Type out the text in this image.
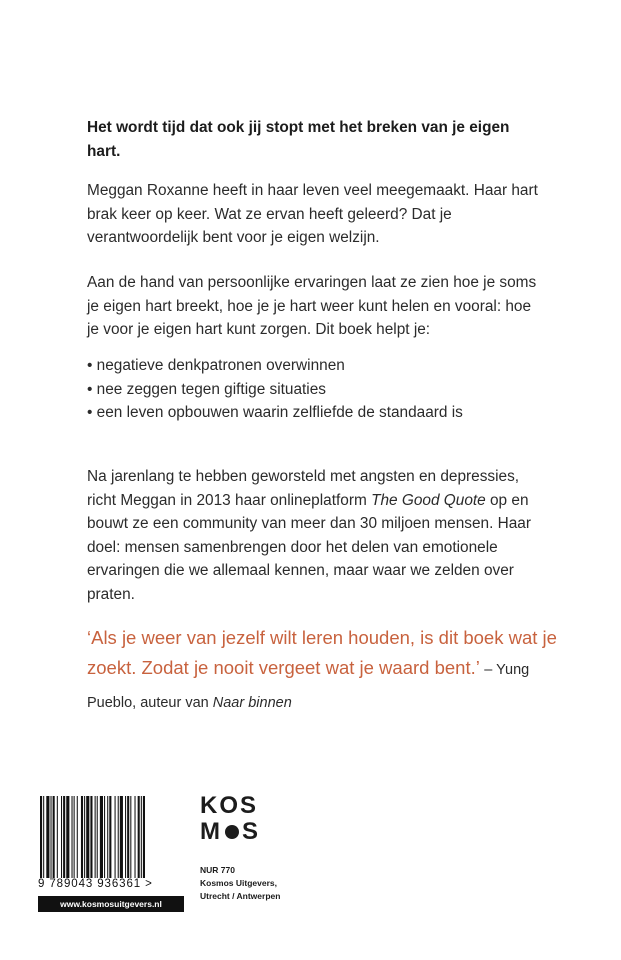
Het wordt tijd dat ook jij stopt met het breken van je eigen hart.

Meggan Roxanne heeft in haar leven veel meegemaakt. Haar hart brak keer op keer. Wat ze ervan heeft geleerd? Dat je verantwoordelijk bent voor je eigen welzijn.

Aan de hand van persoonlijke ervaringen laat ze zien hoe je soms je eigen hart breekt, hoe je je hart weer kunt helen en vooral: hoe je voor je eigen hart kunt zorgen. Dit boek helpt je:

• negatieve denkpatronen overwinnen
• nee zeggen tegen giftige situaties
• een leven opbouwen waarin zelfliefde de standaard is

Na jarenlang te hebben geworsteld met angsten en depressies, richt Meggan in 2013 haar onlineplatform The Good Quote op en bouwt ze een community van meer dan 30 miljoen mensen. Haar doel: mensen samenbrengen door het delen van emotionele ervaringen die we allemaal kennen, maar waar we zelden over praten.

‘Als je weer van jezelf wilt leren houden, is dit boek wat je zoekt. Zodat je nooit vergeet wat je waard bent.’ – Yung Pueblo, auteur van Naar binnen

9 789043 936361 >
www.kosmosuitgevers.nl
KOS
M S
NUR 770
Kosmos Uitgevers,
Utrecht / Antwerpen
